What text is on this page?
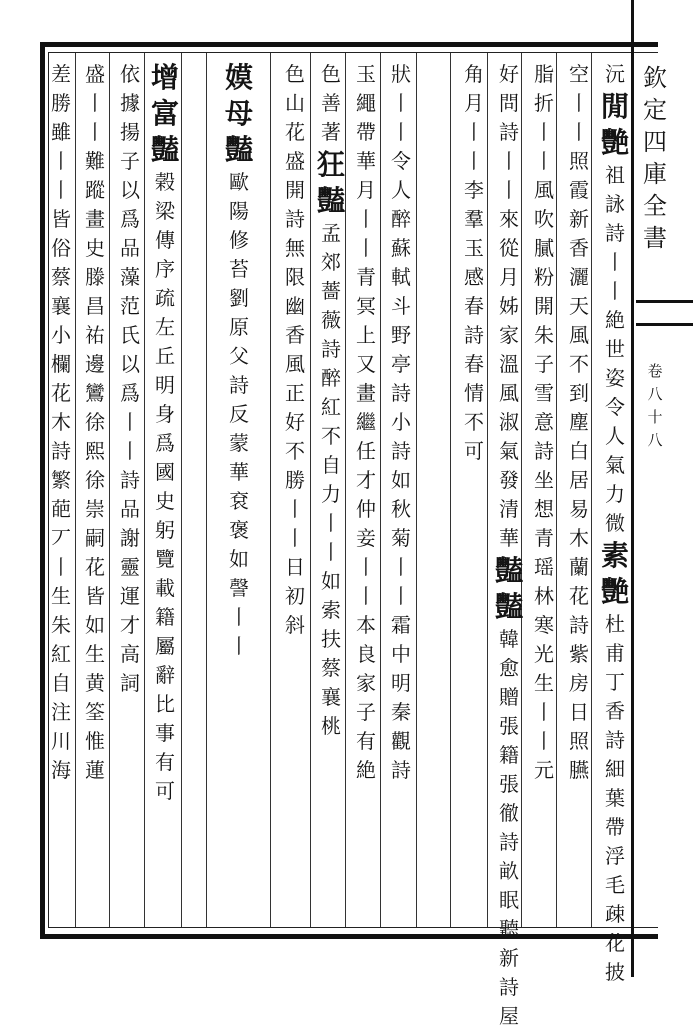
欽
定
四
庫
全
書
卷
八
十
八
沅
閒
艷
祖
詠
詩
丨
丨
絶
世
姿
令
人
氣
力
微
素
艷
杜
甫
丁
香
詩
細
葉
帶
浮
毛
疎
花
披
空
丨
丨
照
霞
新
香
灑
天
風
不
到
塵
白
居
易
木
蘭
花
詩
紫
房
日
照
臙
脂
折
丨
丨
風
吹
膩
粉
開
朱
子
雪
意
詩
坐
想
青
瑶
林
寒
光
生
丨
丨
元
好
問
詩
丨
丨
來
從
月
姊
家
溫
風
淑
氣
發
清
華
豔
豔
韓
愈
贈
張
籍
張
徹
詩
畝
眠
聽
新
詩
屋
角
月
丨
丨
李
羣
玉
感
春
詩
春
情
不
可
狀
丨
丨
令
人
醉
蘇
軾
斗
野
亭
詩
小
詩
如
秋
菊
丨
丨
霜
中
明
秦
觀
詩
玉
繩
帶
華
月
丨
丨
青
冥
上
又
畫
繼
任
才
仲
妾
丨
丨
本
良
家
子
有
絶
色
善
著
狂
豔
孟
郊
薔
薇
詩
醉
紅
不
自
力
丨
丨
如
索
扶
蔡
襄
桃
色
山
花
盛
開
詩
無
限
幽
香
風
正
好
不
勝
丨
丨
日
初
斜
嫫
母
豔
歐
陽
修
苔
劉
原
父
詩
反
蒙
華
袞
褒
如
謦
丨
丨
增
富
豔
榖
梁
傳
序
疏
左
丘
明
身
爲
國
史
躬
覽
載
籍
屬
辭
比
事
有
可
依
據
揚
子
以
爲
品
藻
范
氏
以
爲
丨
丨
詩
品
謝
靈
運
才
高
詞
盛
丨
丨
難
蹤
畫
史
滕
昌
祐
邊
鸞
徐
熙
徐
崇
嗣
花
皆
如
生
黄
筌
惟
蓮
差
勝
雖
丨
丨
皆
俗
蔡
襄
小
欄
花
木
詩
繁
葩
丆
丨
生
朱
紅
自
注
川
海
